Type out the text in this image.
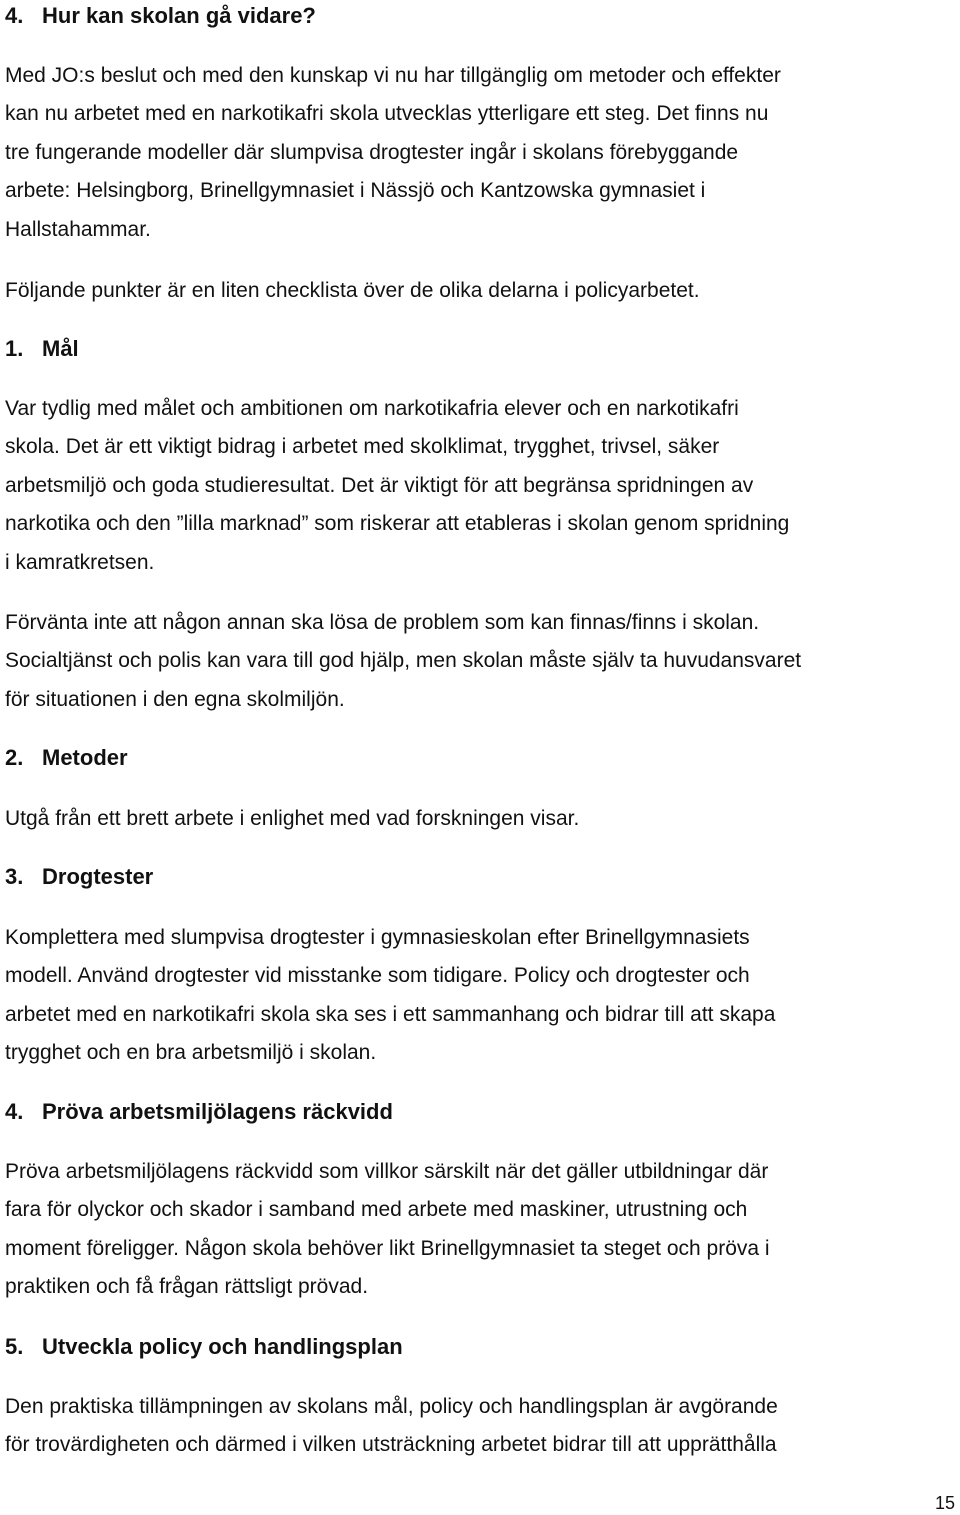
4. Hur kan skolan gå vidare?

Med JO:s beslut och med den kunskap vi nu har tillgänglig om metoder och effekter
kan nu arbetet med en narkotikafri skola utvecklas ytterligare ett steg. Det finns nu
tre fungerande modeller där slumpvisa drogtester ingår i skolans förebyggande
arbete: Helsingborg, Brinellgymnasiet i Nässjö och Kantzowska gymnasiet i
Hallstahammar.

Följande punkter är en liten checklista över de olika delarna i policyarbetet.

1. Mål

Var tydlig med målet och ambitionen om narkotikafria elever och en narkotikafri
skola. Det är ett viktigt bidrag i arbetet med skolklimat, trygghet, trivsel, säker
arbetsmiljö och goda studieresultat. Det är viktigt för att begränsa spridningen av
narkotika och den ”lilla marknad” som riskerar att etableras i skolan genom spridning
i kamratkretsen.

Förvänta inte att någon annan ska lösa de problem som kan finnas/finns i skolan.
Socialtjänst och polis kan vara till god hjälp, men skolan måste själv ta huvudansvaret
för situationen i den egna skolmiljön.

2. Metoder

Utgå från ett brett arbete i enlighet med vad forskningen visar.

3. Drogtester

Komplettera med slumpvisa drogtester i gymnasieskolan efter Brinellgymnasiets
modell. Använd drogtester vid misstanke som tidigare. Policy och drogtester och
arbetet med en narkotikafri skola ska ses i ett sammanhang och bidrar till att skapa
trygghet och en bra arbetsmiljö i skolan.

4. Pröva arbetsmiljölagens räckvidd

Pröva arbetsmiljölagens räckvidd som villkor särskilt när det gäller utbildningar där
fara för olyckor och skador i samband med arbete med maskiner, utrustning och
moment föreligger. Någon skola behöver likt Brinellgymnasiet ta steget och pröva i
praktiken och få frågan rättsligt prövad.

5. Utveckla policy och handlingsplan

Den praktiska tillämpningen av skolans mål, policy och handlingsplan är avgörande
för trovärdigheten och därmed i vilken utsträckning arbetet bidrar till att upprätthålla

15
